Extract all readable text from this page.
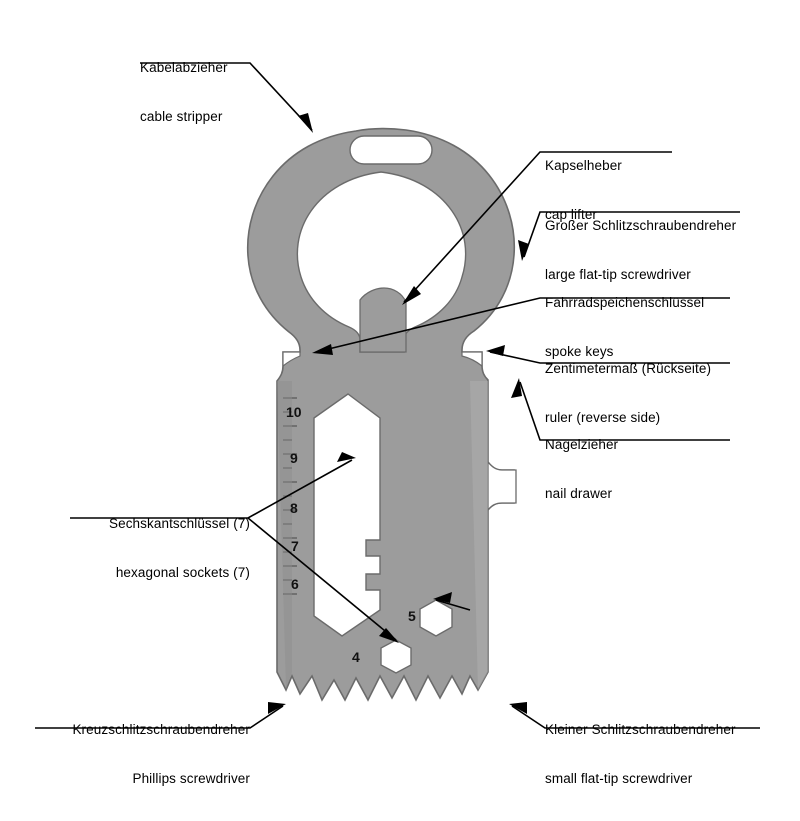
Kabelabzieher

cable stripper

Kapselheber

cap lifter

Großer Schlitzschraubendreher

large flat-tip screwdriver

Fahrradspeichenschlüssel

spoke keys

Zentimetermaß (Rückseite)

ruler (reverse side)

Nagelzieher

nail drawer

Sechskantschlüssel (7)

hexagonal sockets (7)

Kreuzschlitzschraubendreher

Phillips screwdriver

Kleiner Schlitzschraubendreher

small flat-tip screwdriver

10
9
8
7
6
5
4
